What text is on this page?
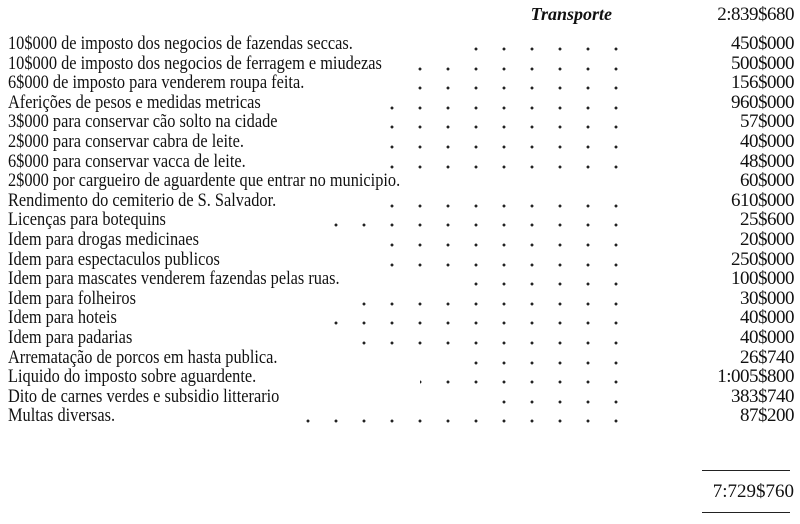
Transporte	2:839$680
10$000 de imposto dos negocios de fazendas seccas.	450$000
10$000 de imposto dos negocios de ferragem e miudezas	500$000
6$000 de imposto para venderem roupa feita.	156$000
Aferições de pesos e medidas metricas	960$000
3$000 para conservar cão solto na cidade	57$000
2$000 para conservar cabra de leite.	40$000
6$000 para conservar vacca de leite.	48$000
2$000 por cargueiro de aguardente que entrar no municipio.	60$000
Rendimento do cemiterio de S. Salvador.	610$000
Licenças para botequins	25$600
Idem para drogas medicinaes	20$000
Idem para espectaculos publicos	250$000
Idem para mascates venderem fazendas pelas ruas.	100$000
Idem para folheiros	30$000
Idem para hoteis	40$000
Idem para padarias	40$000
Arrematação de porcos em hasta publica.	26$740
Liquido do imposto sobre aguardente.	1:005$800
Dito de carnes verdes e subsidio litterario	383$740
Multas diversas.	87$200
7:729$760
